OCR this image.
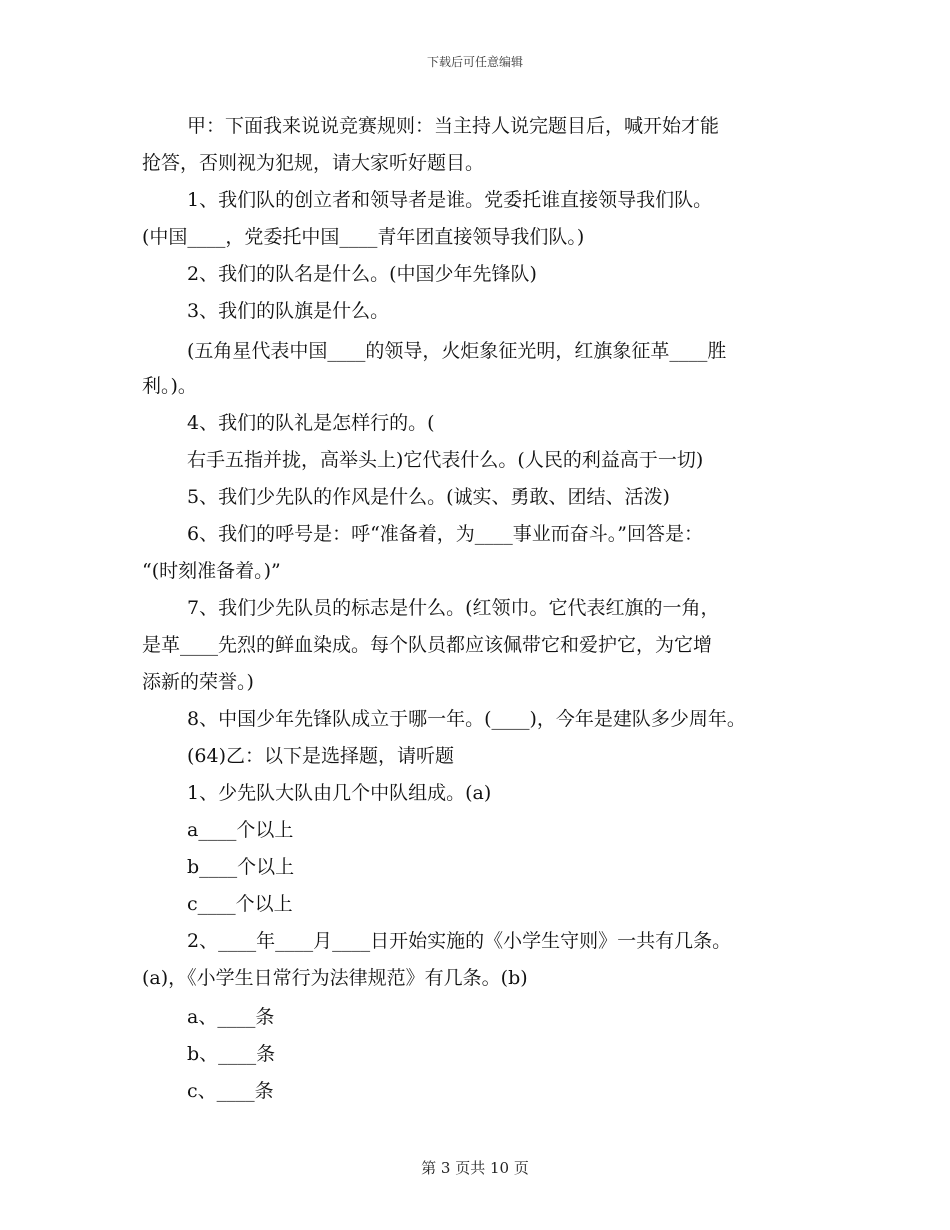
下载后可任意编辑
甲：下面我来说说竞赛规则：当主持人说完题目后，喊开始才能
抢答，否则视为犯规，请大家听好题目。
1、我们队的创立者和领导者是谁。党委托谁直接领导我们队。
(中国____，党委托中国____青年团直接领导我们队。)
2、我们的队名是什么。(中国少年先锋队)
3、我们的队旗是什么。
(五角星代表中国____的领导，火炬象征光明，红旗象征革____胜
利。)。
4、我们的队礼是怎样行的。(
右手五指并拢，高举头上)它代表什么。(人民的利益高于一切)
5、我们少先队的作风是什么。(诚实、勇敢、团结、活泼)
6、我们的呼号是：呼“准备着，为____事业而奋斗。”回答是：
“(时刻准备着。)”
7、我们少先队员的标志是什么。(红领巾。它代表红旗的一角，
是革____先烈的鲜血染成。每个队员都应该佩带它和爱护它，为它增
添新的荣誉。)
8、中国少年先锋队成立于哪一年。(____)，今年是建队多少周年。
(64)乙：以下是选择题，请听题
1、少先队大队由几个中队组成。(a)
a____个以上
b____个以上
c____个以上
2、____年____月____日开始实施的《小学生守则》一共有几条。
(a)，《小学生日常行为法律规范》有几条。(b)
a、____条
b、____条
c、____条
第 3 页共 10 页
